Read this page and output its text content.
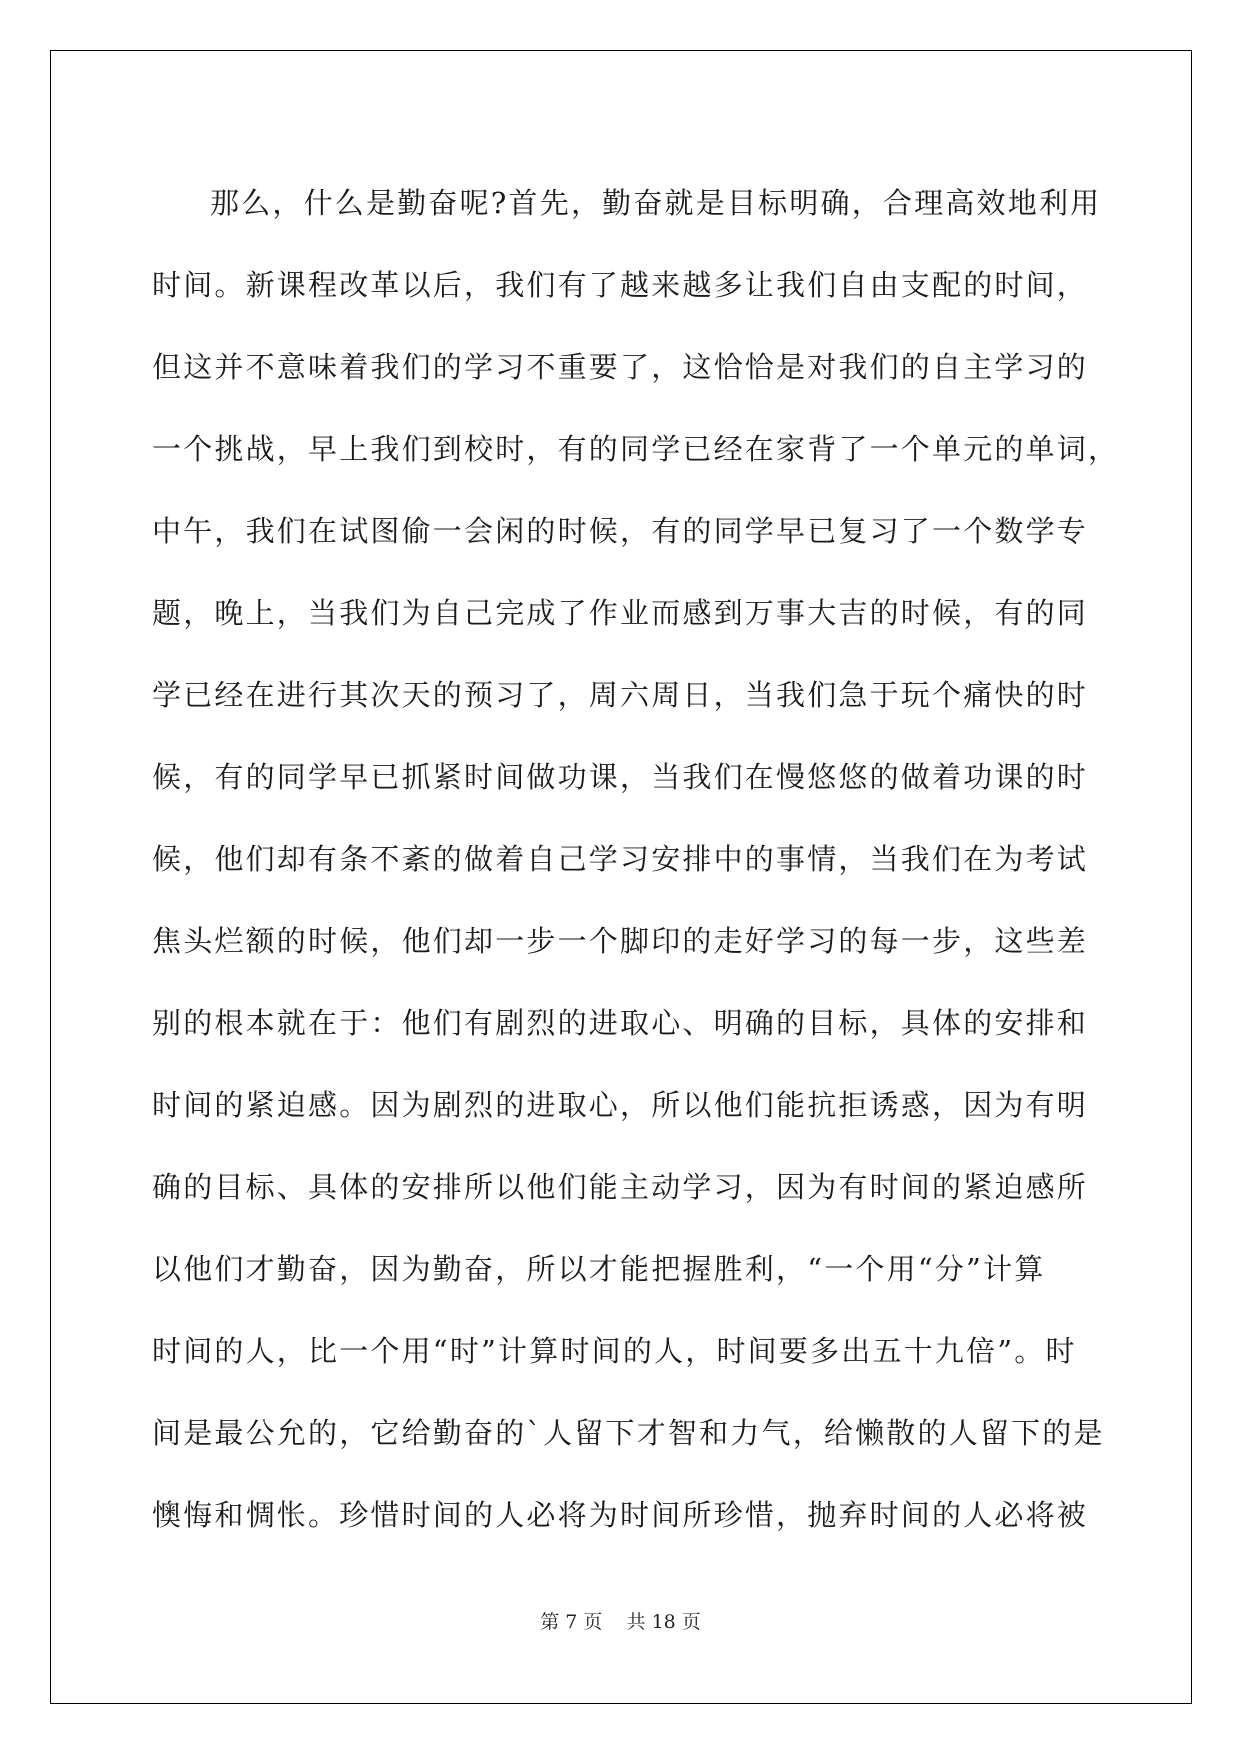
那么，什么是勤奋呢?首先，勤奋就是目标明确，合理高效地利用

时间。新课程改革以后，我们有了越来越多让我们自由支配的时间，

但这并不意味着我们的学习不重要了，这恰恰是对我们的自主学习的

一个挑战，早上我们到校时，有的同学已经在家背了一个单元的单词，

中午，我们在试图偷一会闲的时候，有的同学早已复习了一个数学专

题，晚上，当我们为自己完成了作业而感到万事大吉的时候，有的同

学已经在进行其次天的预习了，周六周日，当我们急于玩个痛快的时

候，有的同学早已抓紧时间做功课，当我们在慢悠悠的做着功课的时

候，他们却有条不紊的做着自己学习安排中的事情，当我们在为考试

焦头烂额的时候，他们却一步一个脚印的走好学习的每一步，这些差

别的根本就在于：他们有剧烈的进取心、明确的目标，具体的安排和

时间的紧迫感。因为剧烈的进取心，所以他们能抗拒诱惑，因为有明

确的目标、具体的安排所以他们能主动学习，因为有时间的紧迫感所

以他们才勤奋，因为勤奋，所以才能把握胜利，“一个用“分”计算

时间的人，比一个用“时”计算时间的人，时间要多出五十九倍”。时

间是最公允的，它给勤奋的`人留下才智和力气，给懒散的人留下的是

懊悔和惆怅。珍惜时间的人必将为时间所珍惜，抛弃时间的人必将被

第 7 页    共 18 页
